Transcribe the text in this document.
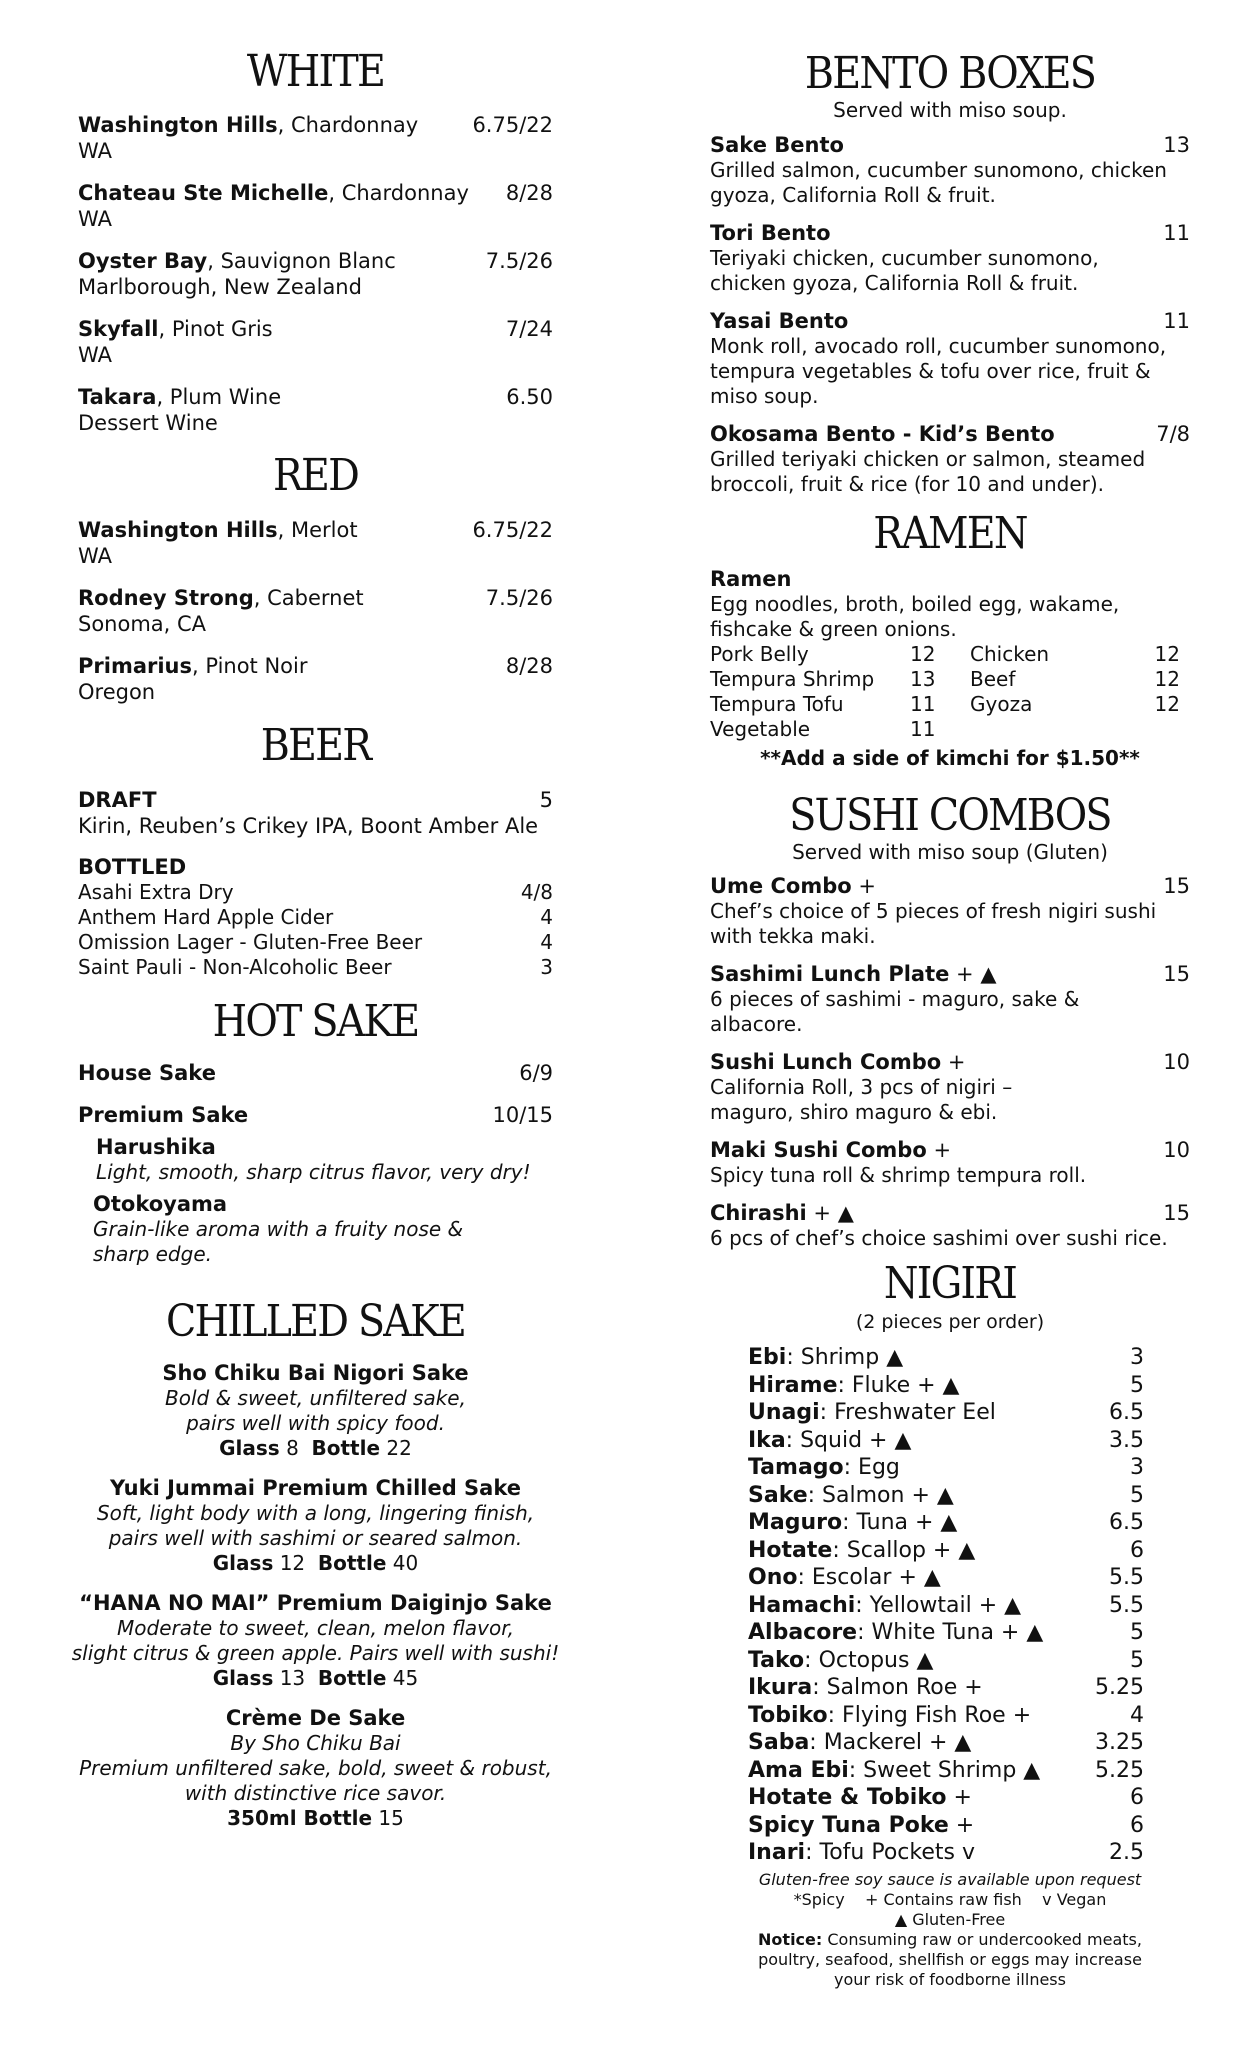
WHITE
Washington Hills, Chardonnay	6.75/22
WA
Chateau Ste Michelle, Chardonnay	8/28
WA
Oyster Bay, Sauvignon Blanc	7.5/26
Marlborough, New Zealand
Skyfall, Pinot Gris	7/24
WA
Takara, Plum Wine	6.50
Dessert Wine
RED
Washington Hills, Merlot	6.75/22
WA
Rodney Strong, Cabernet	7.5/26
Sonoma, CA
Primarius, Pinot Noir	8/28
Oregon
BEER
DRAFT	5
Kirin, Reuben’s Crikey IPA, Boont Amber Ale
BOTTLED
Asahi Extra Dry	4/8
Anthem Hard Apple Cider	4
Omission Lager - Gluten-Free Beer	4
Saint Pauli - Non-Alcoholic Beer	3
HOT SAKE
House Sake	6/9
Premium Sake	10/15
Harushika
Light, smooth, sharp citrus flavor, very dry!
Otokoyama
Grain-like aroma with a fruity nose &
sharp edge.
CHILLED SAKE
Sho Chiku Bai Nigori Sake
Bold & sweet, unfiltered sake,
pairs well with spicy food.
Glass 8 Bottle 22
Yuki Jummai Premium Chilled Sake
Soft, light body with a long, lingering finish,
pairs well with sashimi or seared salmon.
Glass 12 Bottle 40
“HANA NO MAI” Premium Daiginjo Sake
Moderate to sweet, clean, melon flavor,
slight citrus & green apple. Pairs well with sushi!
Glass 13 Bottle 45
Crème De Sake
By Sho Chiku Bai
Premium unfiltered sake, bold, sweet & robust,
with distinctive rice savor.
350ml Bottle 15
BENTO BOXES
Served with miso soup.
Sake Bento	13
Grilled salmon, cucumber sunomono, chicken
gyoza, California Roll & fruit.
Tori Bento	11
Teriyaki chicken, cucumber sunomono,
chicken gyoza, California Roll & fruit.
Yasai Bento	11
Monk roll, avocado roll, cucumber sunomono,
tempura vegetables & tofu over rice, fruit &
miso soup.
Okosama Bento - Kid’s Bento	7/8
Grilled teriyaki chicken or salmon, steamed
broccoli, fruit & rice (for 10 and under).
RAMEN
Ramen
Egg noodles, broth, boiled egg, wakame,
fishcake & green onions.
Pork Belly	12	Chicken	12
Tempura Shrimp	13	Beef	12
Tempura Tofu	11	Gyoza	12
Vegetable	11
**Add a side of kimchi for $1.50**
SUSHI COMBOS
Served with miso soup (Gluten)
Ume Combo +	15
Chef’s choice of 5 pieces of fresh nigiri sushi
with tekka maki.
Sashimi Lunch Plate + ▲	15
6 pieces of sashimi - maguro, sake &
albacore.
Sushi Lunch Combo +	10
California Roll, 3 pcs of nigiri –
maguro, shiro maguro & ebi.
Maki Sushi Combo +	10
Spicy tuna roll & shrimp tempura roll.
Chirashi + ▲	15
6 pcs of chef’s choice sashimi over sushi rice.
NIGIRI
(2 pieces per order)
Ebi: Shrimp ▲	3
Hirame: Fluke + ▲	5
Unagi: Freshwater Eel	6.5
Ika: Squid + ▲	3.5
Tamago: Egg	3
Sake: Salmon + ▲	5
Maguro: Tuna + ▲	6.5
Hotate: Scallop + ▲	6
Ono: Escolar + ▲	5.5
Hamachi: Yellowtail + ▲	5.5
Albacore: White Tuna + ▲	5
Tako: Octopus ▲	5
Ikura: Salmon Roe +	5.25
Tobiko: Flying Fish Roe +	4
Saba: Mackerel + ▲	3.25
Ama Ebi: Sweet Shrimp ▲ 5.25
Hotate & Tobiko +	6
Spicy Tuna Poke +	6
Inari: Tofu Pockets v	2.5
Gluten-free soy sauce is available upon request
*Spicy    + Contains raw fish    v Vegan
▲ Gluten-Free
Notice: Consuming raw or undercooked meats,
poultry, seafood, shellfish or eggs may increase
your risk of foodborne illness
